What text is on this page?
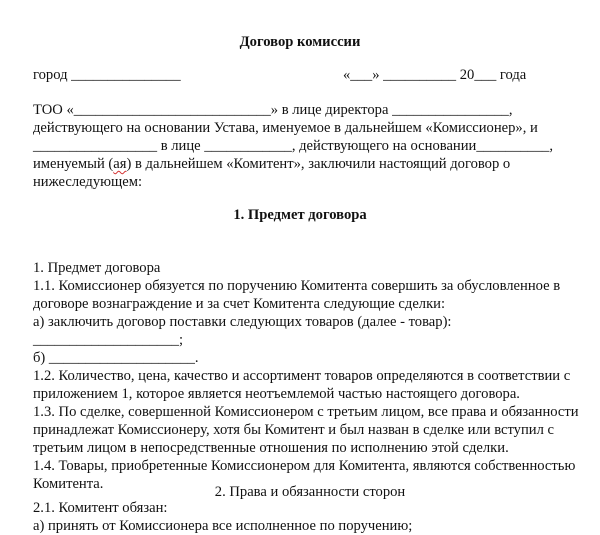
Договор комиссии
город _______________	«___» __________ 20___ года
ТОО «___________________________» в лице директора ________________,
действующего на основании Устава, именуемое в дальнейшем «Комиссионер», и
_________________ в лице ____________, действующего на основании__________,
именуемый (ая) в дальнейшем «Комитент», заключили настоящий договор о
нижеследующем:
1. Предмет договора
1. Предмет договора
1.1. Комиссионер обязуется по поручению Комитента совершить за обусловленное в
договоре вознаграждение и за счет Комитента следующие сделки:
а) заключить договор поставки следующих товаров (далее - товар):
____________________;
б) ____________________.
1.2. Количество, цена, качество и ассортимент товаров определяются в соответствии с
приложением 1, которое является неотъемлемой частью настоящего договора.
1.3. По сделке, совершенной Комиссионером с третьим лицом, все права и обязанности
принадлежат Комиссионеру, хотя бы Комитент и был назван в сделке или вступил с
третьим лицом в непосредственные отношения по исполнению этой сделки.
1.4. Товары, приобретенные Комиссионером для Комитента, являются собственностью
Комитента.	2. Права и обязанности сторон
2.1. Комитент обязан:
а) принять от Комиссионера все исполненное по поручению;
